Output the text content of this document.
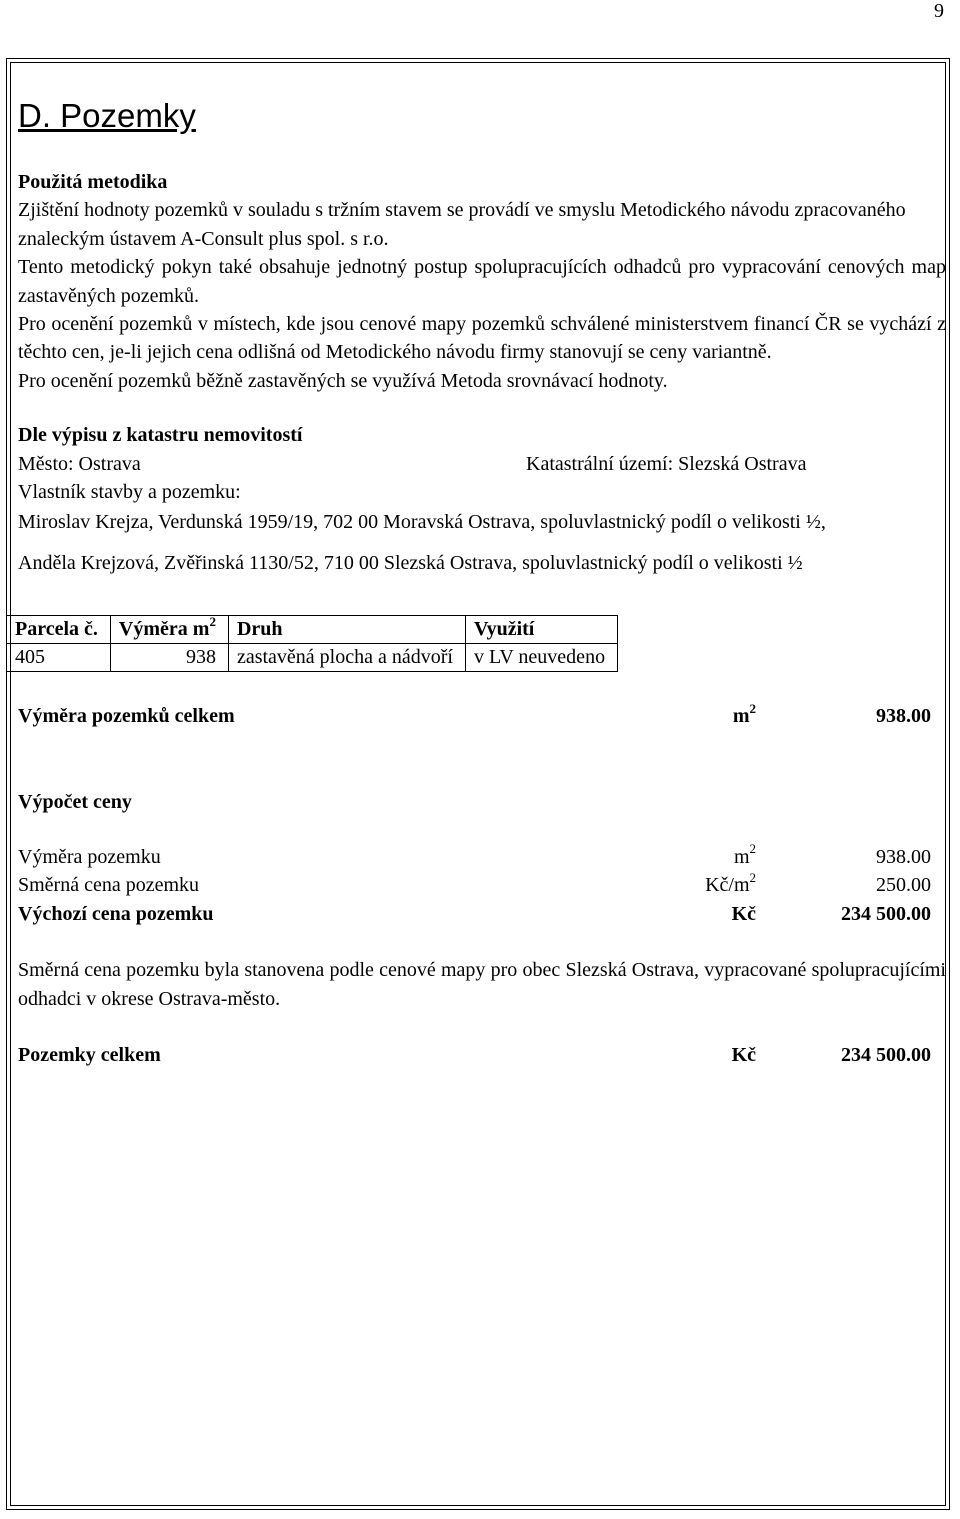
9
D. Pozemky

Použitá metodika

Zjištění hodnoty pozemků v souladu s tržním stavem se provádí ve smyslu Metodického návodu zpracovaného znaleckým ústavem A-Consult plus spol. s r.o.

Tento metodický pokyn také obsahuje jednotný postup spolupracujících odhadců pro vypracování cenových map zastavěných pozemků.

Pro ocenění pozemků v místech, kde jsou cenové mapy pozemků schválené ministerstvem financí ČR se vychází z těchto cen, je-li jejich cena odlišná od Metodického návodu firmy stanovují se ceny variantně.

Pro ocenění pozemků běžně zastavěných se využívá Metoda srovnávací hodnoty.

Dle výpisu z katastru nemovitostí

Město: Ostrava	Katastrální území: Slezská Ostrava

Vlastník stavby a pozemku:

Miroslav Krejza, Verdunská 1959/19, 702 00 Moravská Ostrava, spoluvlastnický podíl o velikosti ½,

Anděla Krejzová, Zvěřinská 1130/52, 710 00 Slezská Ostrava, spoluvlastnický podíl o velikosti ½

Parcela č.	Výměra $m^2$	Druh	Využití
405	938	zastavěná plocha a nádvoří	v LV neuvedeno
Výměra pozemků celkem	$m^2$	938.00

Výpočet ceny

Výměra pozemku	$m^2$	938.00
Směrná cena pozemku	$Kč/m^2$	250.00
Výchozí cena pozemku	Kč	234 500.00

Směrná cena pozemku byla stanovena podle cenové mapy pro obec Slezská Ostrava, vypracované spolupracujícími odhadci v okrese Ostrava-město.

Pozemky celkem	Kč	234 500.00
